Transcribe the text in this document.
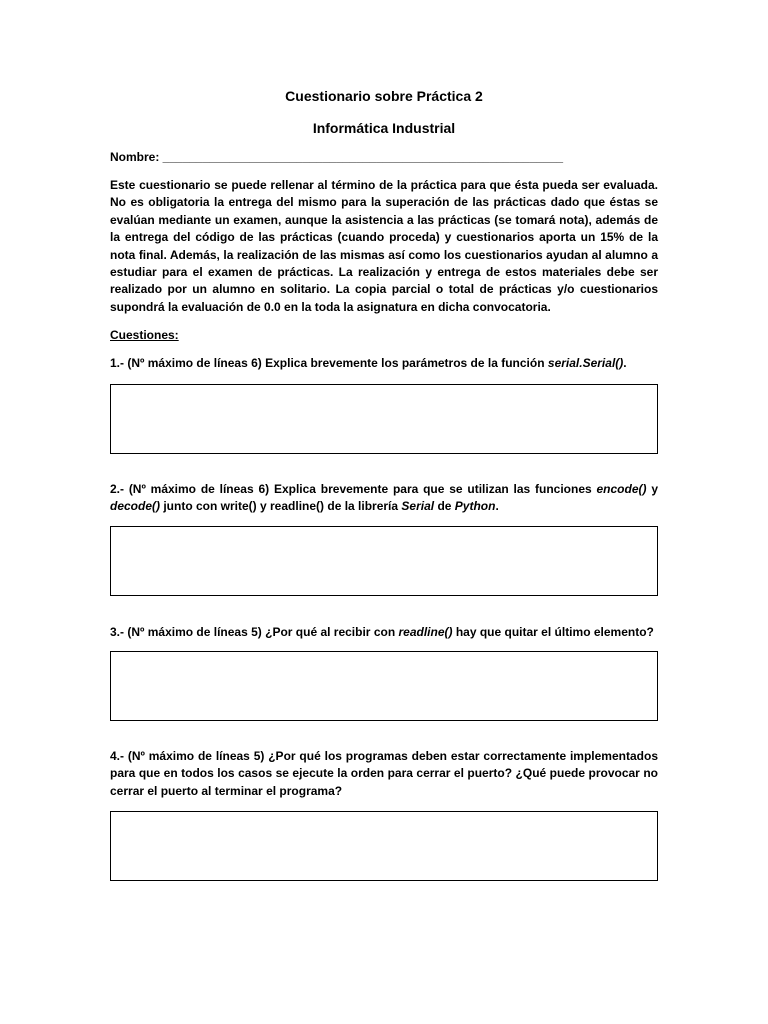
Cuestionario sobre Práctica 2
Informática Industrial
Nombre: ____________________________________________________________

Este cuestionario se puede rellenar al término de la práctica para que ésta pueda ser evaluada. No es obligatoria la entrega del mismo para la superación de las prácticas dado que éstas se evalúan mediante un examen, aunque la asistencia a las prácticas (se tomará nota), además de la entrega del código de las prácticas (cuando proceda) y cuestionarios aporta un 15% de la nota final. Además, la realización de las mismas así como los cuestionarios ayudan al alumno a estudiar para el examen de prácticas. La realización y entrega de estos materiales debe ser realizado por un alumno en solitario. La copia parcial o total de prácticas y/o cuestionarios supondrá la evaluación de 0.0 en la toda la asignatura en dicha convocatoria.

Cuestiones:

1.- (Nº máximo de líneas 6) Explica brevemente los parámetros de la función serial.Serial().

2.- (Nº máximo de líneas 6) Explica brevemente para que se utilizan las funciones encode() y decode() junto con write() y readline() de la librería Serial de Python.

3.- (Nº máximo de líneas 5) ¿Por qué al recibir con readline() hay que quitar el último elemento?

4.- (Nº máximo de líneas 5) ¿Por qué los programas deben estar correctamente implementados para que en todos los casos se ejecute la orden para cerrar el puerto? ¿Qué puede provocar no cerrar el puerto al terminar el programa?
